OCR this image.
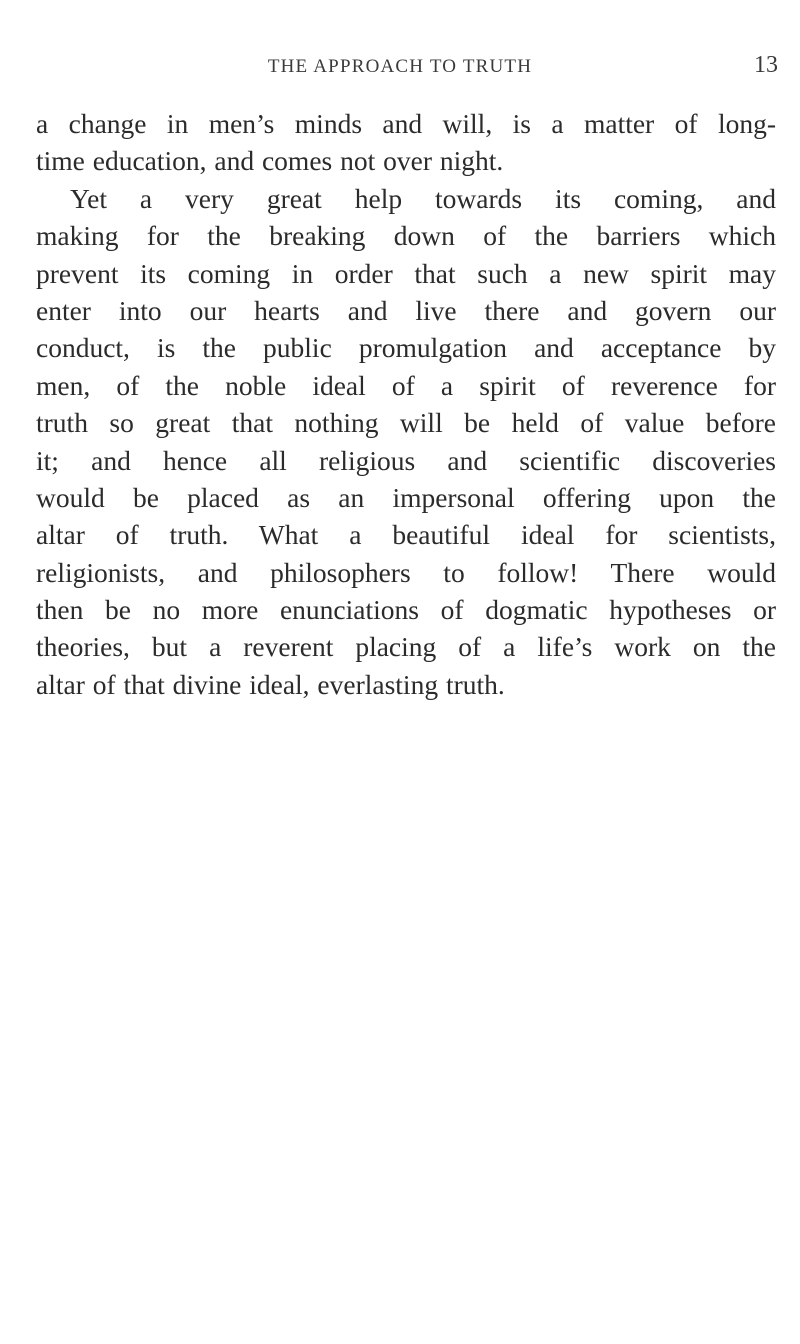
THE APPROACH TO TRUTH	13
a change in men’s minds and will, is a matter of long-
time education, and comes not over night.
Yet a very great help towards its coming, and
making for the breaking down of the barriers which
prevent its coming in order that such a new spirit may
enter into our hearts and live there and govern our
conduct, is the public promulgation and acceptance by
men, of the noble ideal of a spirit of reverence for
truth so great that nothing will be held of value before
it; and hence all religious and scientific discoveries
would be placed as an impersonal offering upon the
altar of truth. What a beautiful ideal for scientists,
religionists, and philosophers to follow! There would
then be no more enunciations of dogmatic hypotheses or
theories, but a reverent placing of a life’s work on the
altar of that divine ideal, everlasting truth.
